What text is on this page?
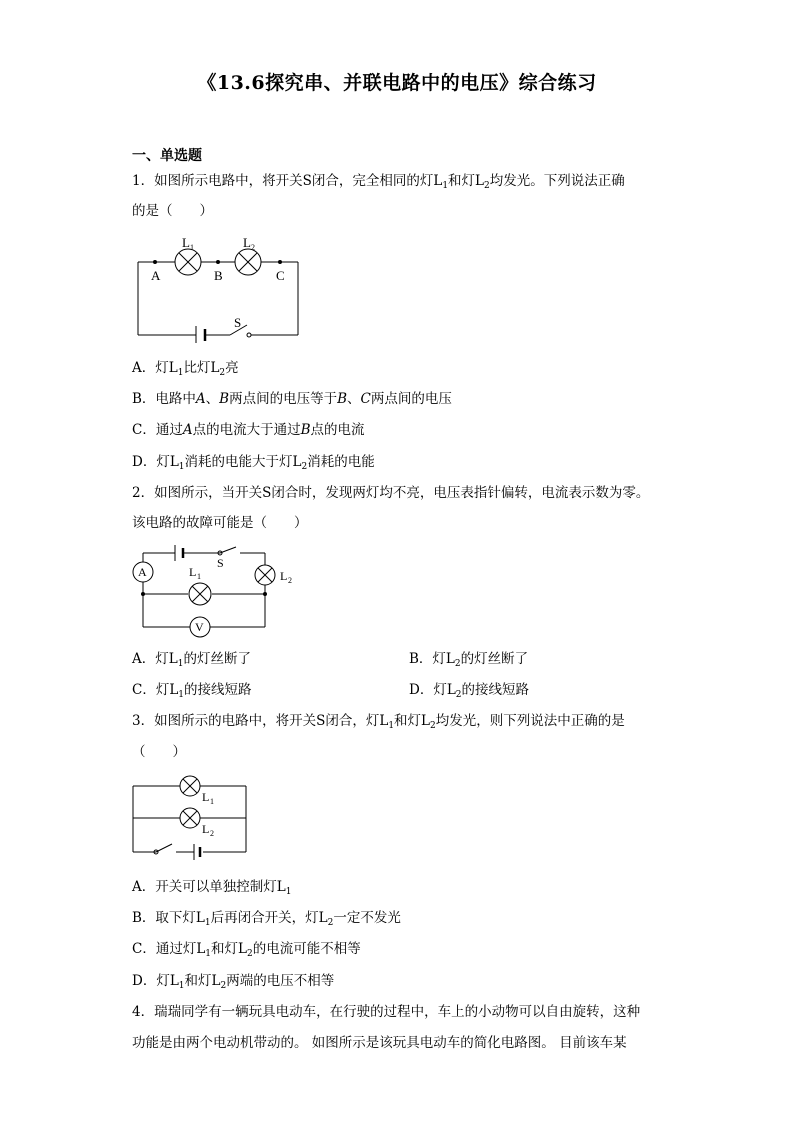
《13.6探究串、并联电路中的电压》综合练习
一、单选题
1．如图所示电路中，将开关S闭合，完全相同的灯$L_1$和灯$L_2$均发光。下列说法正确
的是（　　）
L 1	L 2
A	B	C
S
A．灯$L_1$比灯$L_2$亮
B．电路中A、B两点间的电压等于B、C两点间的电压
C．通过A点的电流大于通过B点的电流
D．灯$L_1$消耗的电能大于灯$L_2$消耗的电能
2．如图所示，当开关S闭合时，发现两灯均不亮，电压表指针偏转，电流表示数为零。
该电路的故障可能是（　　）
A
V
L 1
S
L 2
A．灯$L_1$的灯丝断了	B．灯$L_2$的灯丝断了
C．灯$L_1$的接线短路	D．灯$L_2$的接线短路
3．如图所示的电路中，将开关S闭合，灯$L_1$和灯$L_2$均发光，则下列说法中正确的是
（　　）
L 1
L 2
A．开关可以单独控制灯$L_1$
B．取下灯$L_1$后再闭合开关，灯$L_2$一定不发光
C．通过灯$L_1$和灯$L_2$的电流可能不相等
D．灯$L_1$和灯$L_2$两端的电压不相等
4．瑞瑞同学有一辆玩具电动车，在行驶的过程中，车上的小动物可以自由旋转，这种
功能是由两个电动机带动的。 如图所示是该玩具电动车的简化电路图。 目前该车某
